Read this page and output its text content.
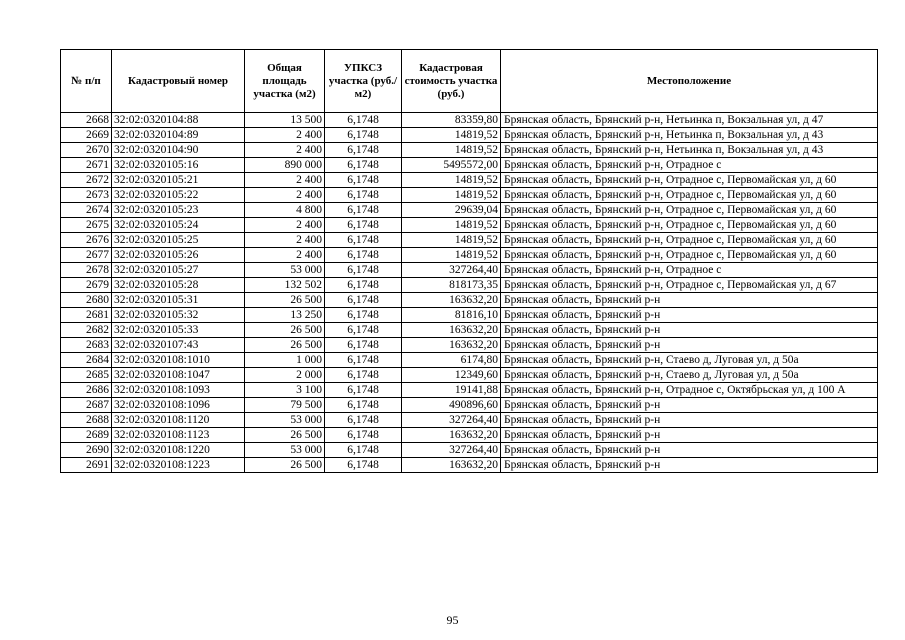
№ п/п	Кадастровый номер	Общая площадь участка (м2)	УПКСЗ участка (руб./м2)	Кадастровая стоимость участка (руб.)	Местоположение
2668	32:02:0320104:88	13 500	6,1748	83359,80	Брянская область, Брянский р-н, Нетьинка п, Вокзальная ул, д 47
2669	32:02:0320104:89	2 400	6,1748	14819,52	Брянская область, Брянский р-н, Нетьинка п, Вокзальная ул, д 43
2670	32:02:0320104:90	2 400	6,1748	14819,52	Брянская область, Брянский р-н, Нетьинка п, Вокзальная ул, д 43
2671	32:02:0320105:16	890 000	6,1748	5495572,00	Брянская область, Брянский р-н, Отрадное с
2672	32:02:0320105:21	2 400	6,1748	14819,52	Брянская область, Брянский р-н, Отрадное с, Первомайская ул, д 60
2673	32:02:0320105:22	2 400	6,1748	14819,52	Брянская область, Брянский р-н, Отрадное с, Первомайская ул, д 60
2674	32:02:0320105:23	4 800	6,1748	29639,04	Брянская область, Брянский р-н, Отрадное с, Первомайская ул, д 60
2675	32:02:0320105:24	2 400	6,1748	14819,52	Брянская область, Брянский р-н, Отрадное с, Первомайская ул, д 60
2676	32:02:0320105:25	2 400	6,1748	14819,52	Брянская область, Брянский р-н, Отрадное с, Первомайская ул, д 60
2677	32:02:0320105:26	2 400	6,1748	14819,52	Брянская область, Брянский р-н, Отрадное с, Первомайская ул, д 60
2678	32:02:0320105:27	53 000	6,1748	327264,40	Брянская область, Брянский р-н, Отрадное с
2679	32:02:0320105:28	132 502	6,1748	818173,35	Брянская область, Брянский р-н, Отрадное с, Первомайская ул, д 67
2680	32:02:0320105:31	26 500	6,1748	163632,20	Брянская область, Брянский р-н
2681	32:02:0320105:32	13 250	6,1748	81816,10	Брянская область, Брянский р-н
2682	32:02:0320105:33	26 500	6,1748	163632,20	Брянская область, Брянский р-н
2683	32:02:0320107:43	26 500	6,1748	163632,20	Брянская область, Брянский р-н
2684	32:02:0320108:1010	1 000	6,1748	6174,80	Брянская область, Брянский р-н, Стаево д, Луговая ул, д 50а
2685	32:02:0320108:1047	2 000	6,1748	12349,60	Брянская область, Брянский р-н, Стаево д, Луговая ул, д 50а
2686	32:02:0320108:1093	3 100	6,1748	19141,88	Брянская область, Брянский р-н, Отрадное с, Октябрьская ул, д 100 А
2687	32:02:0320108:1096	79 500	6,1748	490896,60	Брянская область, Брянский р-н
2688	32:02:0320108:1120	53 000	6,1748	327264,40	Брянская область, Брянский р-н
2689	32:02:0320108:1123	26 500	6,1748	163632,20	Брянская область, Брянский р-н
2690	32:02:0320108:1220	53 000	6,1748	327264,40	Брянская область, Брянский р-н
2691	32:02:0320108:1223	26 500	6,1748	163632,20	Брянская область, Брянский р-н
95
